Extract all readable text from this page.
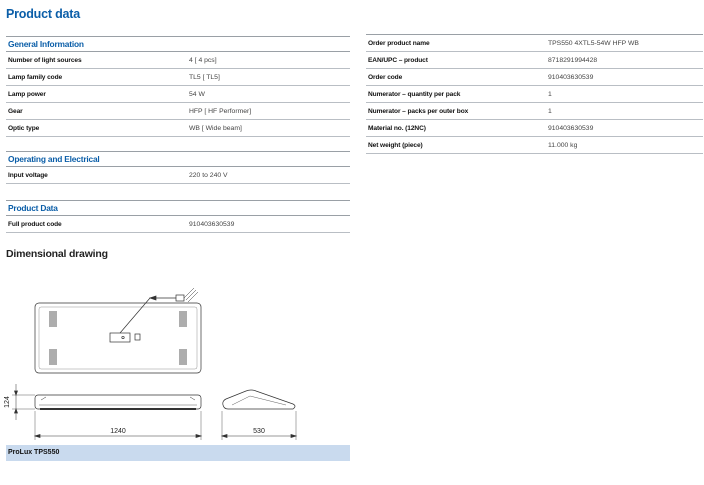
Product data
General Information	
Number of light sources	4 [ 4 pcs]
Lamp family code	TL5 [ TL5]
Lamp power	54 W
Gear	HFP [ HF Performer]
Optic type	WB [ Wide beam]
Operating and Electrical
Input voltage	220 to 240 V
Product Data
Full product code	910403630539
Order product name	TPS550 4XTL5-54W HFP WB
EAN/UPC – product	8718291994428
Order code	910403630539
Numerator – quantity per pack	1
Numerator – packs per outer box	1
Material no. (12NC)	910403630539
Net weight (piece)	11.000 kg
Dimensional drawing
124
1240	530
ProLux TPS550
